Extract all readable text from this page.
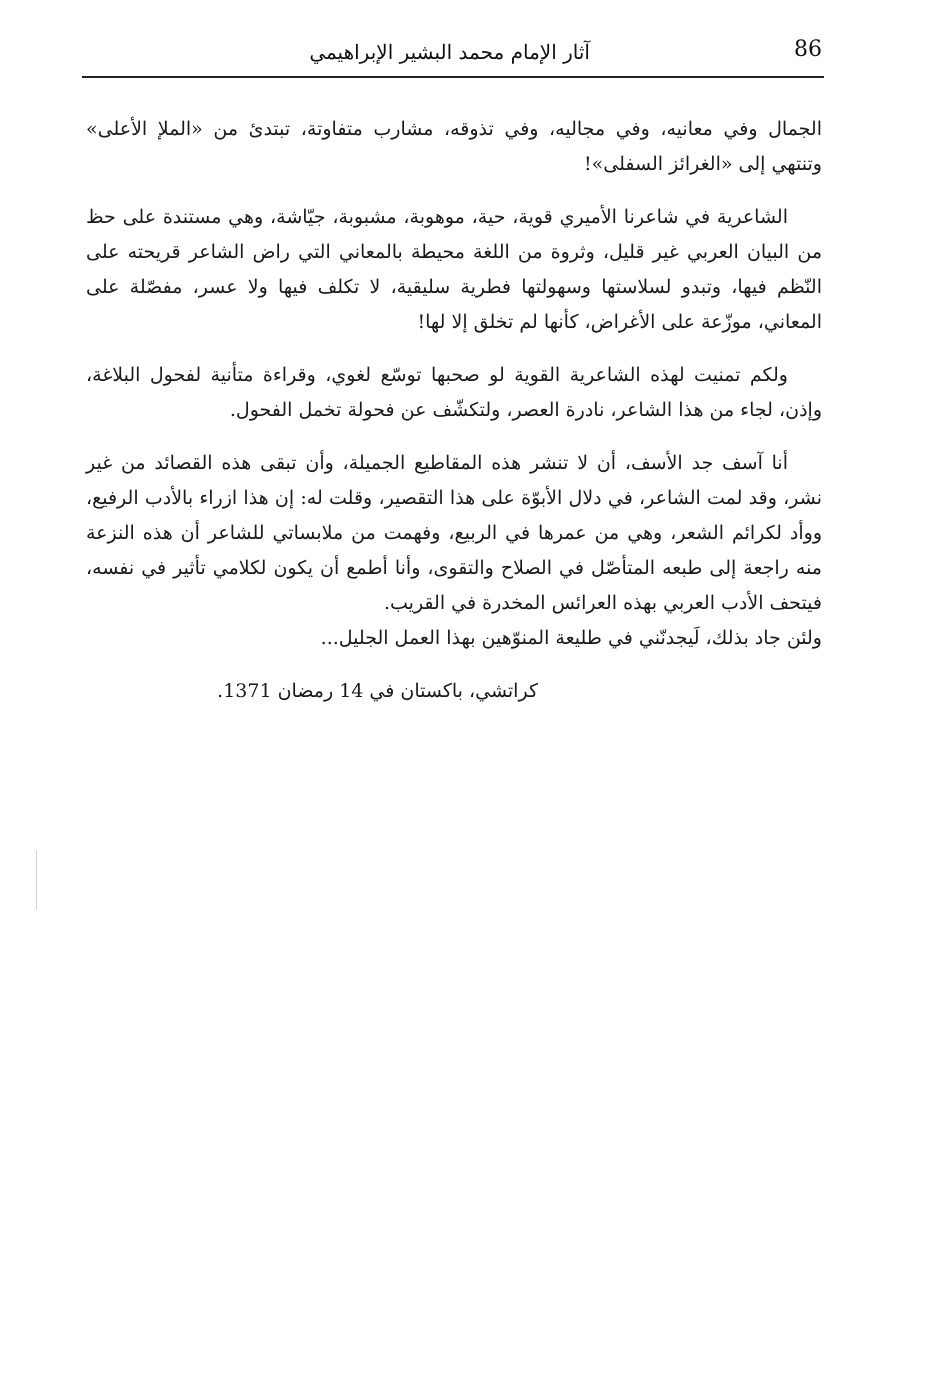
86
آثار الإمام محمد البشير الإبراهيمي

الجمال وفي معانيه، وفي مجاليه، وفي تذوقه، مشارب متفاوتة، تبتدئ من «الملإ الأعلى» وتنتهي إلى «الغرائز السفلى»!

الشاعرية في شاعرنا الأميري قوية، حية، موهوبة، مشبوبة، جيّاشة، وهي مستندة على حظ من البيان العربي غير قليل، وثروة من اللغة محيطة بالمعاني التي راض الشاعر قريحته على النّظم فيها، وتبدو لسلاستها وسهولتها فطرية سليقية، لا تكلف فيها ولا عسر، مفصّلة على المعاني، موزّعة على الأغراض، كأنها لم تخلق إلا لها!

ولكم تمنيت لهذه الشاعرية القوية لو صحبها توسّع لغوي، وقراءة متأنية لفحول البلاغة، وإذن، لجاء من هذا الشاعر، نادرة العصر، ولتكشّف عن فحولة تخمل الفحول.

أنا آسف جد الأسف، أن لا تنشر هذه المقاطيع الجميلة، وأن تبقى هذه القصائد من غير نشر، وقد لمت الشاعر، في دلال الأبوّة على هذا التقصير، وقلت له: إن هذا ازراء بالأدب الرفيع، ووأد لكرائم الشعر، وهي من عمرها في الربيع، وفهمت من ملابساتي للشاعر أن هذه النزعة منه راجعة إلى طبعه المتأصّل في الصلاح والتقوى، وأنا أطمع أن يكون لكلامي تأثير في نفسه، فيتحف الأدب العربي بهذه العرائس المخدرة في القريب.

ولئن جاد بذلك، لَيجدنّني في طليعة المنوّهين بهذا العمل الجليل...

كراتشي، باكستان في 14 رمضان 1371.
